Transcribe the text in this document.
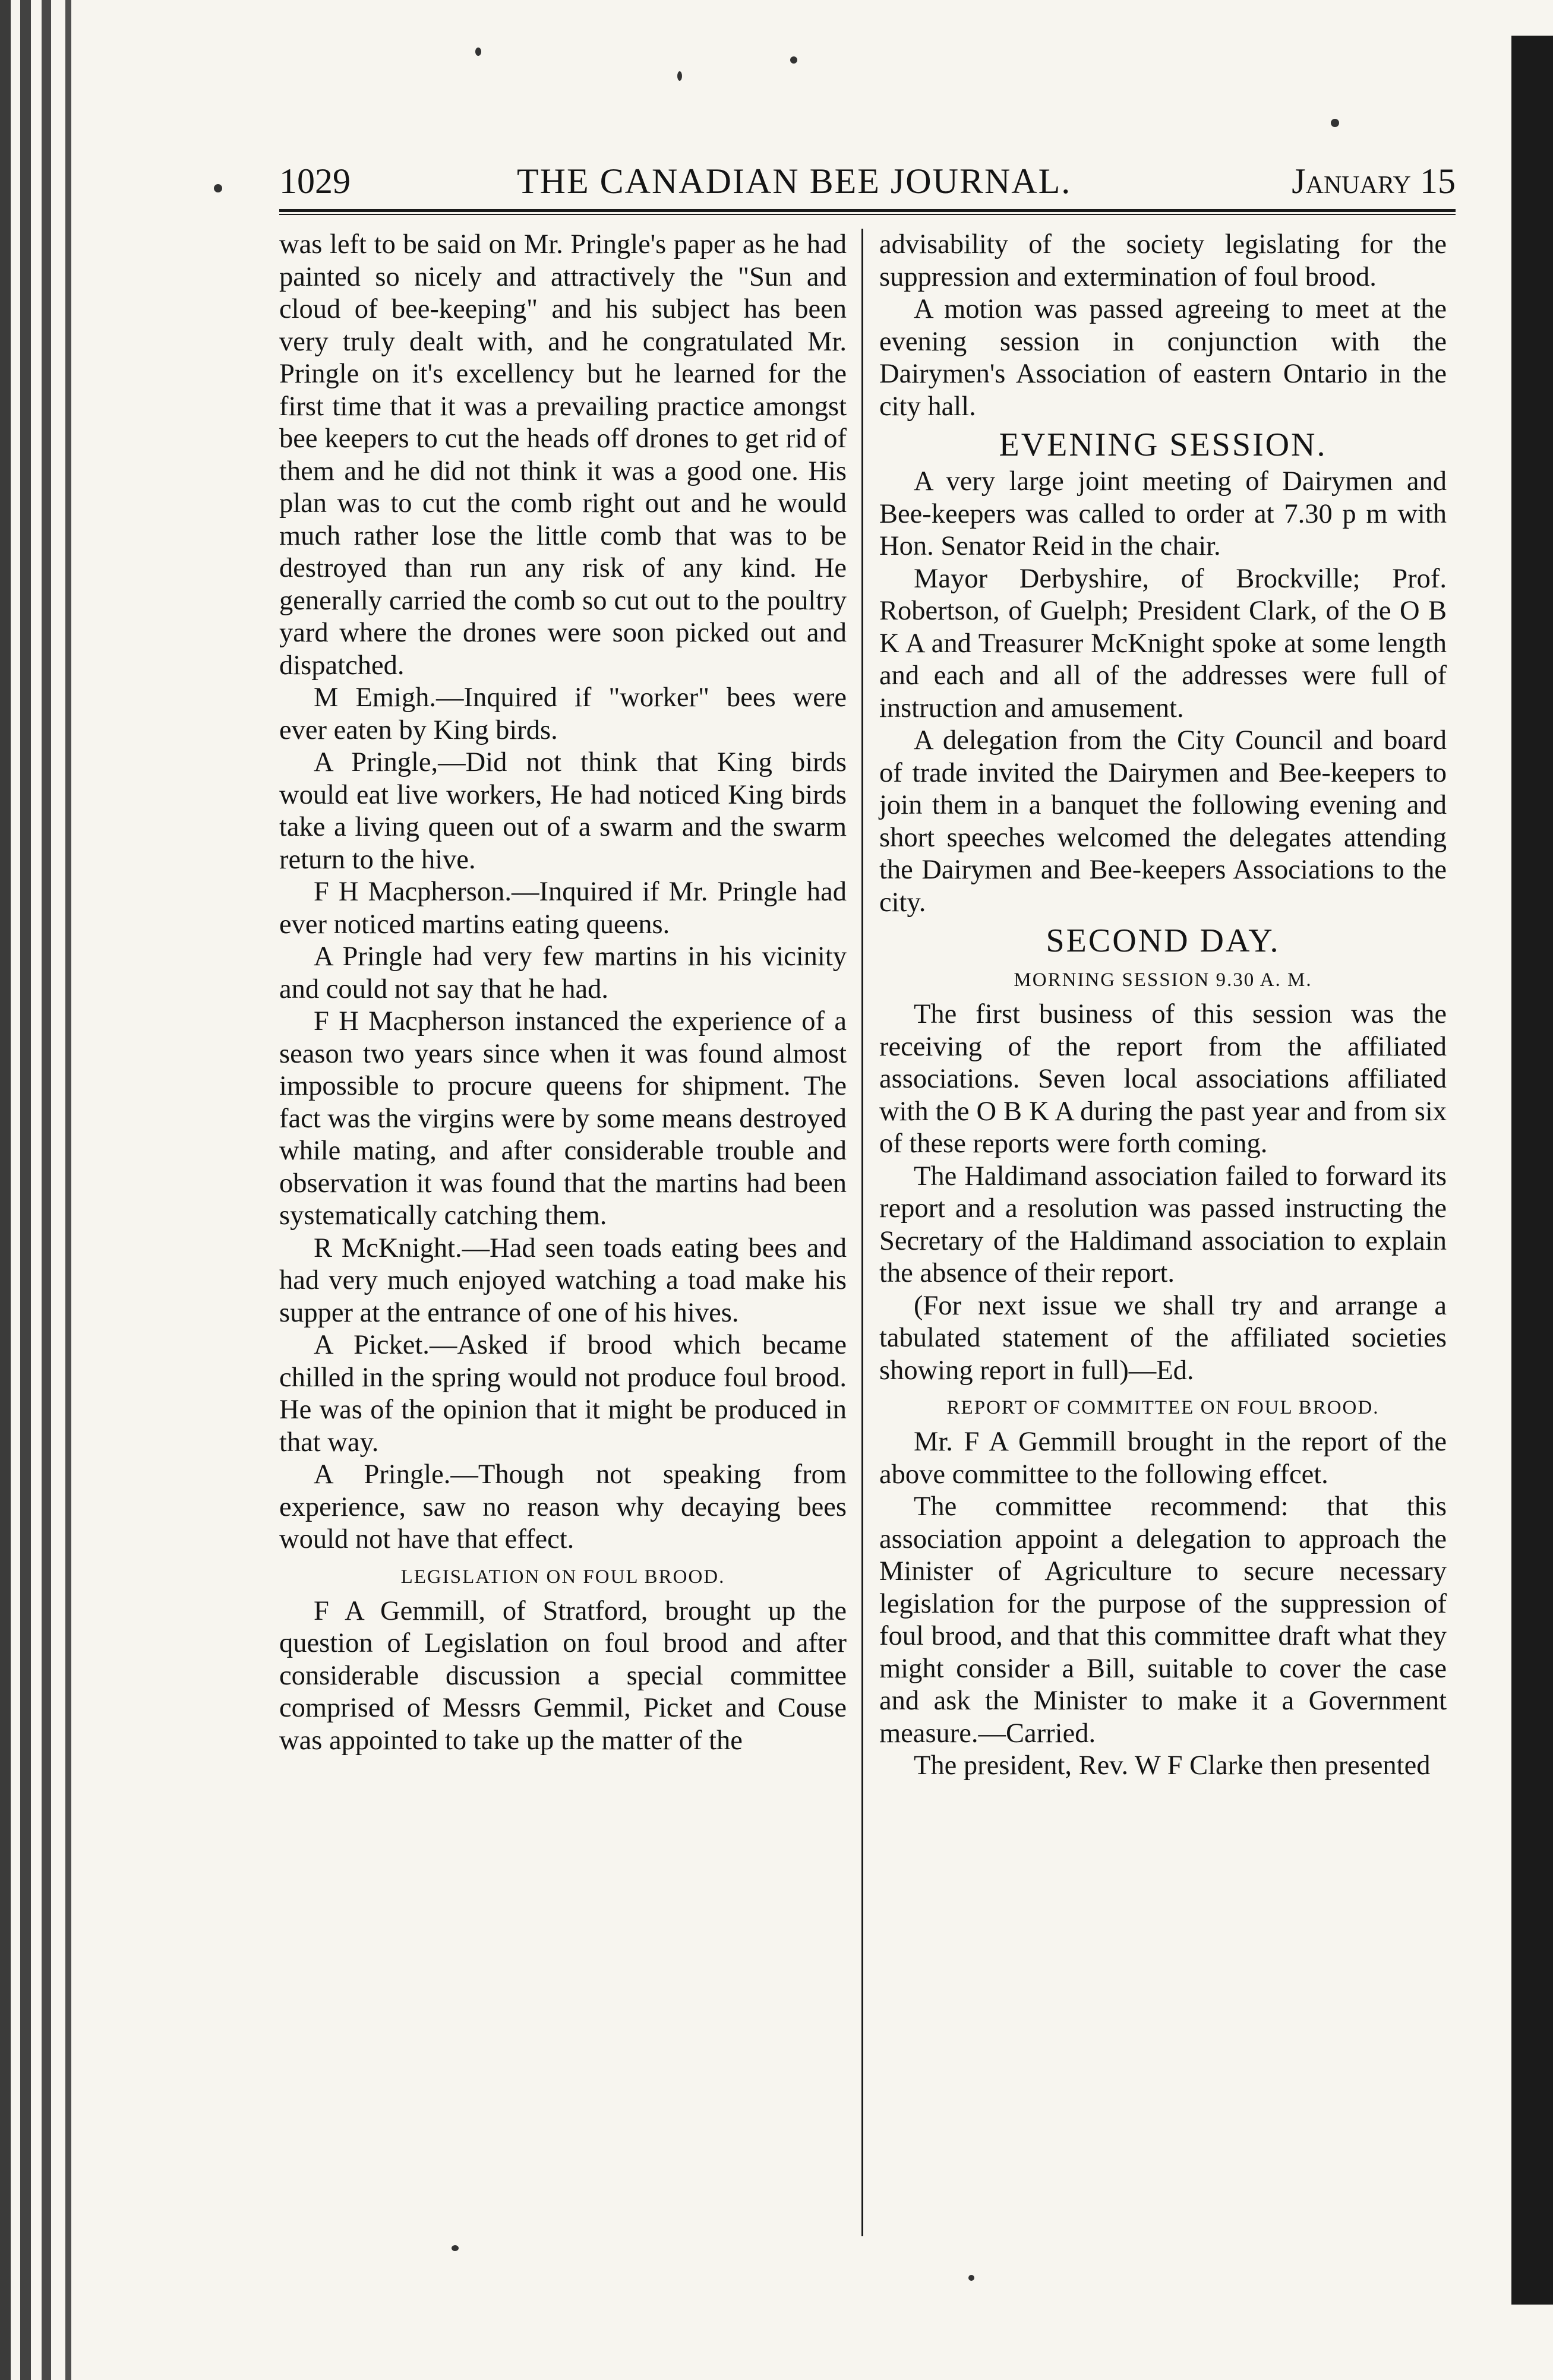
1029	THE CANADIAN BEE JOURNAL.	January 15

was left to be said on Mr. Pringle's paper as he had painted so nicely and attractively the "Sun and cloud of bee-keeping" and his subject has been very truly dealt with, and he congratulated Mr. Pringle on it's excellency but he learned for the first time that it was a prevailing practice amongst bee keepers to cut the heads off drones to get rid of them and he did not think it was a good one. His plan was to cut the comb right out and he would much rather lose the little comb that was to be destroyed than run any risk of any kind. He generally carried the comb so cut out to the poultry yard where the drones were soon picked out and dispatched.

M Emigh.—Inquired if "worker" bees were ever eaten by King birds.

A Pringle,—Did not think that King birds would eat live workers, He had noticed King birds take a living queen out of a swarm and the swarm return to the hive.

F H Macpherson.—Inquired if Mr. Pringle had ever noticed martins eating queens.

A Pringle had very few martins in his vicinity and could not say that he had.

F H Macpherson instanced the experience of a season two years since when it was found almost impossible to procure queens for shipment. The fact was the virgins were by some means destroyed while mating, and after considerable trouble and observation it was found that the martins had been systematically catching them.

R McKnight.—Had seen toads eating bees and had very much enjoyed watching a toad make his supper at the entrance of one of his hives.

A Picket.—Asked if brood which became chilled in the spring would not produce foul brood. He was of the opinion that it might be produced in that way.

A Pringle.—Though not speaking from experience, saw no reason why decaying bees would not have that effect.

LEGISLATION ON FOUL BROOD.

F A Gemmill, of Stratford, brought up the question of Legislation on foul brood and after considerable discussion a special committee comprised of Messrs Gemmil, Picket and Couse was appointed to take up the matter of the

advisability of the society legislating for the suppression and extermination of foul brood.

A motion was passed agreeing to meet at the evening session in conjunction with the Dairymen's Association of eastern Ontario in the city hall.

EVENING SESSION.

A very large joint meeting of Dairymen and Bee-keepers was called to order at 7.30 p m with Hon. Senator Reid in the chair.

Mayor Derbyshire, of Brockville; Prof. Robertson, of Guelph; President Clark, of the O B K A and Treasurer McKnight spoke at some length and each and all of the addresses were full of instruction and amusement.

A delegation from the City Council and board of trade invited the Dairymen and Bee-keepers to join them in a banquet the following evening and short speeches welcomed the delegates attending the Dairymen and Bee-keepers Associations to the city.

SECOND DAY.
MORNING SESSION 9.30 A. M.

The first business of this session was the receiving of the report from the affiliated associations. Seven local associations affiliated with the O B K A during the past year and from six of these reports were forth coming.

The Haldimand association failed to forward its report and a resolution was passed instructing the Secretary of the Haldimand association to explain the absence of their report.

(For next issue we shall try and arrange a tabulated statement of the affiliated societies showing report in full)—Ed.

REPORT OF COMMITTEE ON FOUL BROOD.

Mr. F A Gemmill brought in the report of the above committee to the following effcet.

The committee recommend: that this association appoint a delegation to approach the Minister of Agriculture to secure necessary legislation for the purpose of the suppression of foul brood, and that this committee draft what they might consider a Bill, suitable to cover the case and ask the Minister to make it a Government measure.—Carried.

The president, Rev. W F Clarke then presented
